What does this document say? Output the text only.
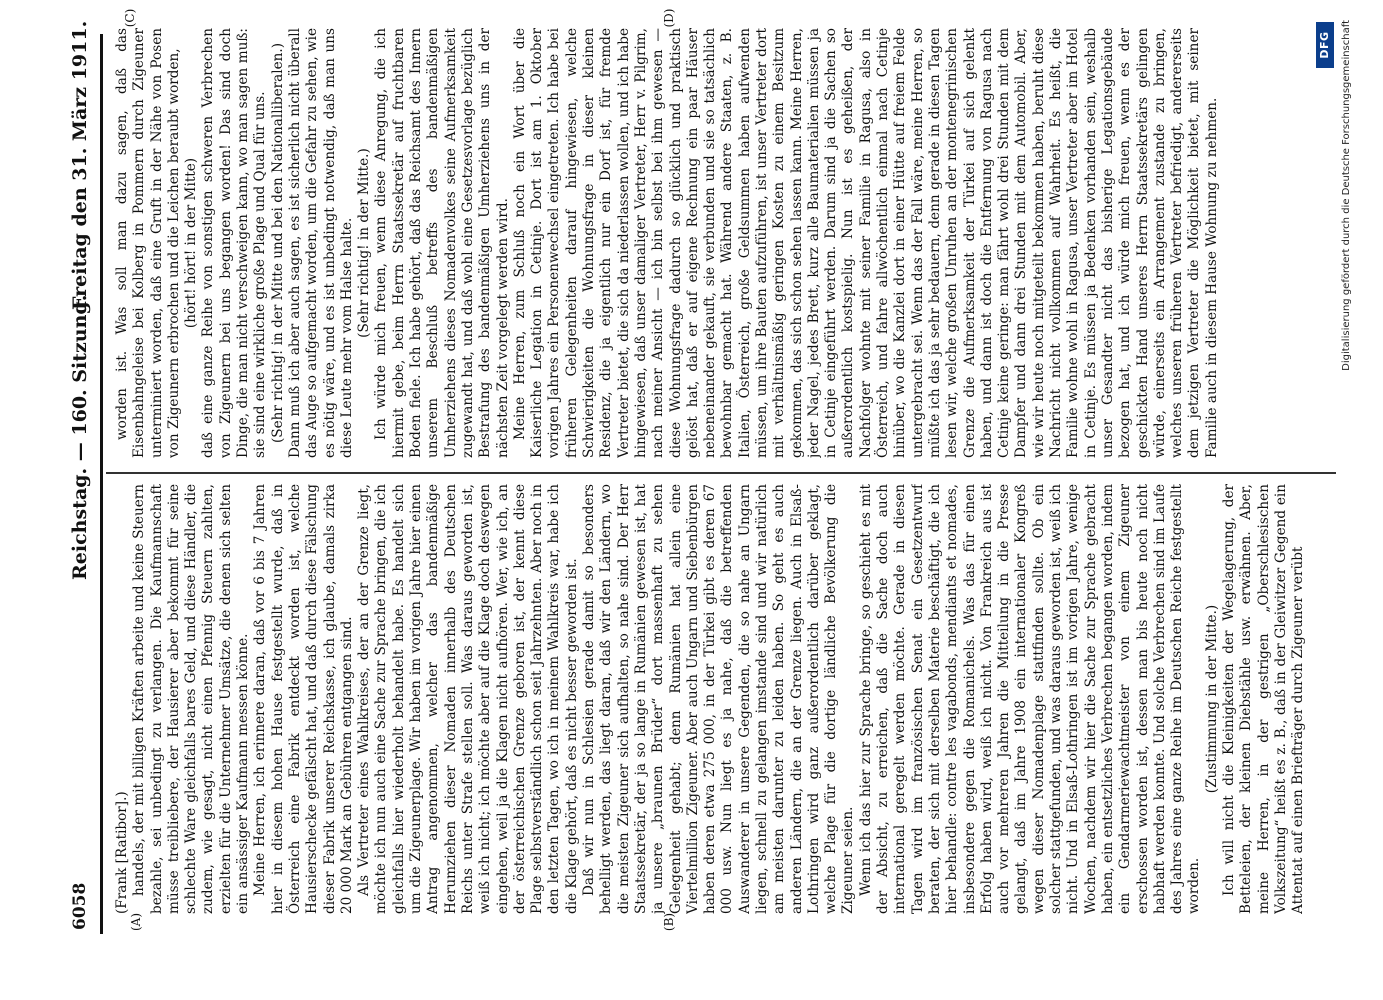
6058
Reichstag. — 160. Sitzung.
Freitag den 31. März 1911.
(A)	(B)
(C)	(D)

(Frank [Ratibor].) handels, der mit billigen Kräften arbeite und keine Steuern bezahle, sei unbedingt zu verlangen. Die Kaufmannschaft müsse treibliebere, der Hausierer aber bekommt für seine schlechte Ware gleichfalls bares Geld, und diese Händler, die zudem, wie gesagt, nicht einen Pfennig Steuern zahlten, erzielten für die Unternehmer Umsätze, die denen sich selten ein ansässiger Kaufmann messen könne. Meine Herren, ich erinnere daran, daß vor 6 bis 7 Jahren hier in diesem hohen Hause festgestellt wurde, daß in Österreich eine Fabrik entdeckt worden ist, welche Hausierschecke gefälscht hat, und daß durch diese Fälschung dieser Fabrik unserer Reichskasse, ich glaube, damals zirka 20 000 Mark an Gebühren entgangen sind. Als Vertreter eines Wahlkreises, der an der Grenze liegt, möchte ich nun auch eine Sache zur Sprache bringen, die ich gleichfalls hier wiederholt behandelt habe. Es handelt sich um die Zigeunerplage. Wir haben im vorigen Jahre hier einen Antrag angenommen, welcher das bandenmäßige Herumziehen dieser Nomaden innerhalb des Deutschen Reichs unter Strafe stellen soll. Was daraus geworden ist, weiß ich nicht; ich möchte aber auf die Klage doch deswegen eingehen, weil ja die Klagen nicht aufhören. Wer, wie ich, an der österreichischen Grenze geboren ist, der kennt diese Plage selbstverständlich schon seit Jahrzehnten. Aber noch in den letzten Tagen, wo ich in meinem Wahlkreis war, habe ich die Klage gehört, daß es nicht besser geworden ist. Daß wir nun in Schlesien gerade damit so besonders behelligt werden, das liegt daran, daß wir den Ländern, wo die meisten Zigeuner sich aufhalten, so nahe sind. Der Herr Staatssekretär, der ja so lange in Rumänien gewesen ist, hat ja unsere „braunen Brüder“ dort massenhaft zu sehen Gelegenheit gehabt; denn Rumänien hat allein eine Viertelmillion Zigeuner. Aber auch Ungarn und Siebenbürgen haben deren etwa 275 000, in der Türkei gibt es deren 67 000 usw. Nun liegt es ja nahe, daß die betreffenden Auswanderer in unsere Gegenden, die so nahe an Ungarn liegen, schnell zu gelangen imstande sind und wir natürlich am meisten darunter zu leiden haben. So geht es auch anderen Ländern, die an der Grenze liegen. Auch in Elsaß-Lothringen wird ganz außerordentlich darüber geklagt, welche Plage für die dortige ländliche Bevölkerung die Zigeuner seien. Wenn ich das hier zur Sprache bringe, so geschieht es mit der Absicht, zu erreichen, daß die Sache doch auch international geregelt werden möchte. Gerade in diesen Tagen wird im französischen Senat ein Gesetzentwurf beraten, der sich mit derselben Materie beschäftigt, die ich hier behandle: contre les vagabonds, mendiants et nomades, insbesondere gegen die Romanichels. Was das für einen Erfolg haben wird, weiß ich nicht. Von Frankreich aus ist auch vor mehreren Jahren die Mitteilung in die Presse gelangt, daß im Jahre 1908 ein internationaler Kongreß wegen dieser Nomadenplage stattfinden sollte. Ob ein solcher stattgefunden, und was daraus geworden ist, weiß ich nicht. Und in Elsaß-Lothringen ist im vorigen Jahre, wenige Wochen, nachdem wir hier die Sache zur Sprache gebracht haben, ein entsetzliches Verbrechen begangen worden, indem ein Gendarmeriewachtmeister von einem Zigeuner erschossen worden ist, dessen man bis heute noch nicht habhaft werden konnte. Und solche Verbrechen sind im Laufe des Jahres eine ganze Reihe im Deutschen Reiche festgestellt worden.

(Zustimmung in der Mitte.) Ich will nicht die Kleinigkeiten der Wegelagerung, der Betteleien, der kleinen Diebstähle usw. erwähnen. Aber, meine Herren, in der gestrigen „Oberschlesischen Volkszeitung“ heißt es z. B., daß in der Gleiwitzer Gegend ein Attentat auf einen Briefträger durch Zigeuner verübt

worden ist. Was soll man dazu sagen, daß das Eisenbahngeleise bei Kolberg in Pommern durch Zigeuner unterminiert worden, daß eine Gruft in der Nähe von Posen von Zigeunern erbrochen und die Leichen beraubt worden, (hört! hört! in der Mitte) daß eine ganze Reihe von sonstigen schweren Verbrechen von Zigeunern bei uns begangen worden! Das sind doch Dinge, die man nicht verschweigen kann, wo man sagen muß: sie sind eine wirkliche große Plage und Qual für uns. (Sehr richtig! in der Mitte und bei den Nationalliberalen.) Dann muß ich aber auch sagen, es ist sicherlich nicht überall das Auge so aufgemacht worden, um die Gefahr zu sehen, wie es nötig wäre, und es ist unbedingt notwendig, daß man uns diese Leute mehr vom Halse halte. (Sehr richtig! in der Mitte.) Ich würde mich freuen, wenn diese Anregung, die ich hiermit gebe, beim Herrn Staatssekretär auf fruchtbaren Boden fiele. Ich habe gehört, daß das Reichsamt des Innern unserem Beschluß betreffs des bandenmäßigen Umherziehens dieses Nomadenvolkes seine Aufmerksamkeit zugewandt hat, und daß wohl eine Gesetzesvorlage bezüglich Bestrafung des bandenmäßigen Umherziehens uns in der nächsten Zeit vorgelegt werden wird. Meine Herren, zum Schluß noch ein Wort über die Kaiserliche Legation in Cetinje. Dort ist am 1. Oktober vorigen Jahres ein Personenwechsel eingetreten. Ich habe bei früheren Gelegenheiten darauf hingewiesen, welche Schwierigkeiten die Wohnungsfrage in dieser kleinen Residenz, die ja eigentlich nur ein Dorf ist, für fremde Vertreter bietet, die sich da niederlassen wollen, und ich habe hingewiesen, daß unser damaliger Vertreter, Herr v. Pilgrim, nach meiner Ansicht — ich bin selbst bei ihm gewesen — diese Wohnungsfrage dadurch so glücklich und praktisch gelöst hat, daß er auf eigene Rechnung ein paar Häuser nebeneinander gekauft, sie verbunden und sie so tatsächlich bewohnbar gemacht hat. Während andere Staaten, z. B. Italien, Österreich, große Geldsummen haben aufwenden müssen, um ihre Bauten aufzuführen, ist unser Vertreter dort mit verhältnismäßig geringen Kosten zu einem Besitzum gekommen, das sich schon sehen lassen kann. Meine Herren, jeder Nagel, jedes Brett, kurz alle Baumaterialien müssen ja in Cetinje eingeführt werden. Darum sind ja die Sachen so außerordentlich kostspielig. Nun ist es geheißen, der Nachfolger wohnte mit seiner Familie in Ragusa, also in Österreich, und fahre allwöchentlich einmal nach Cetinje hinüber, wo die Kanzlei dort in einer Hütte auf freiem Felde untergebracht sei. Wenn das der Fall wäre, meine Herren, so müßte ich das ja sehr bedauern, denn gerade in diesen Tagen lesen wir, welche großen Unruhen an der montenegrinischen Grenze die Aufmerksamkeit der Türkei auf sich gelenkt haben, und dann ist doch die Entfernung von Ragusa nach Cetinje keine geringe: man fährt wohl drei Stunden mit dem Dampfer und dann drei Stunden mit dem Automobil. Aber, wie wir heute noch mitgeteilt bekommen haben, beruht diese Nachricht nicht vollkommen auf Wahrheit. Es heißt, die Familie wohne wohl in Ragusa, unser Vertreter aber im Hotel in Cetinje. Es müssen ja Bedenken vorhanden sein, weshalb unser Gesandter nicht das bisherige Legationsgebäude bezogen hat, und ich würde mich freuen, wenn es der geschickten Hand unseres Herrn Staatssekretärs gelingen würde, einerseits ein Arrangement zustande zu bringen, welches unseren früheren Vertreter befriedigt, andererseits dem jetzigen Vertreter die Möglichkeit bietet, mit seiner Familie auch in diesem Hause Wohnung zu nehmen.

DFG	Digitalisierung gefördert durch die Deutsche Forschungsgemeinschaft
